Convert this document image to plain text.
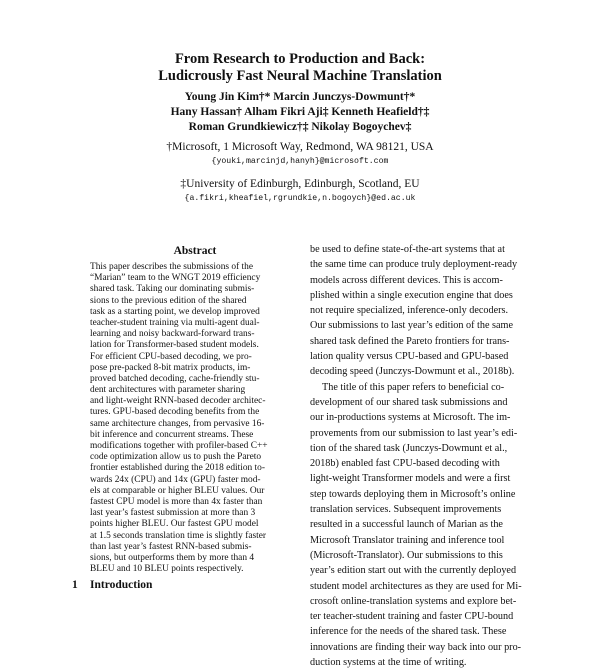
From Research to Production and Back:
Ludicrously Fast Neural Machine Translation
Young Jin Kim†* Marcin Junczys-Dowmunt†*
Hany Hassan† Alham Fikri Aji‡ Kenneth Heafield†‡
Roman Grundkiewicz†‡ Nikolay Bogoychev‡
†Microsoft, 1 Microsoft Way, Redmond, WA 98121, USA
{youki,marcinjd,hanyh}@microsoft.com
‡University of Edinburgh, Edinburgh, Scotland, EU
{a.fikri,kheafiel,rgrundkie,n.bogoych}@ed.ac.uk
Abstract
This paper describes the submissions of the
“Marian” team to the WNGT 2019 efficiency
shared task. Taking our dominating submis-
sions to the previous edition of the shared
task as a starting point, we develop improved
teacher-student training via multi-agent dual-
learning and noisy backward-forward trans-
lation for Transformer-based student models.
For efficient CPU-based decoding, we pro-
pose pre-packed 8-bit matrix products, im-
proved batched decoding, cache-friendly stu-
dent architectures with parameter sharing
and light-weight RNN-based decoder architec-
tures. GPU-based decoding benefits from the
same architecture changes, from pervasive 16-
bit inference and concurrent streams. These
modifications together with profiler-based C++
code optimization allow us to push the Pareto
frontier established during the 2018 edition to-
wards 24x (CPU) and 14x (GPU) faster mod-
els at comparable or higher BLEU values. Our
fastest CPU model is more than 4x faster than
last year’s fastest submission at more than 3
points higher BLEU. Our fastest GPU model
at 1.5 seconds translation time is slightly faster
than last year’s fastest RNN-based submis-
sions, but outperforms them by more than 4
BLEU and 10 BLEU points respectively.
1 Introduction
be used to define state-of-the-art systems that at
the same time can produce truly deployment-ready
models across different devices. This is accom-
plished within a single execution engine that does
not require specialized, inference-only decoders.
Our submissions to last year’s edition of the same
shared task defined the Pareto frontiers for trans-
lation quality versus CPU-based and GPU-based
decoding speed (Junczys-Dowmunt et al., 2018b).
The title of this paper refers to beneficial co-
development of our shared task submissions and
our in-productions systems at Microsoft. The im-
provements from our submission to last year’s edi-
tion of the shared task (Junczys-Dowmunt et al.,
2018b) enabled fast CPU-based decoding with
light-weight Transformer models and were a first
step towards deploying them in Microsoft’s online
translation services. Subsequent improvements
resulted in a successful launch of Marian as the
Microsoft Translator training and inference tool
(Microsoft-Translator). Our submissions to this
year’s edition start out with the currently deployed
student model architectures as they are used for Mi-
crosoft online-translation systems and explore bet-
ter teacher-student training and faster CPU-bound
inference for the needs of the shared task. These
innovations are finding their way back into our pro-
duction systems at the time of writing.
